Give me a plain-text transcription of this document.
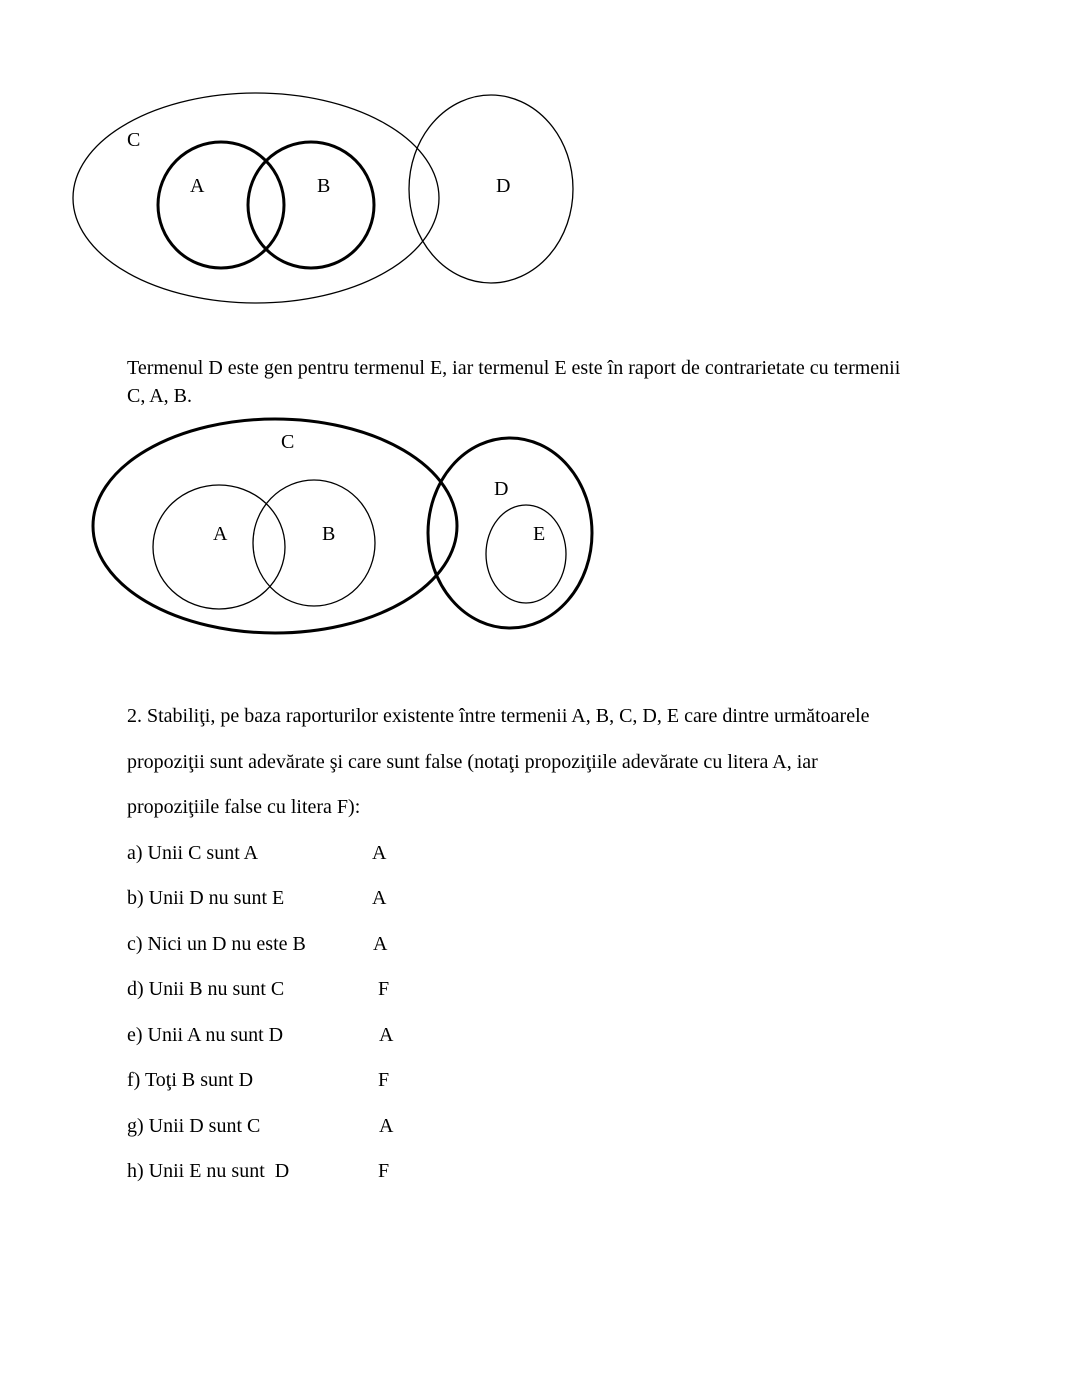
C
A	B	D

Termenul D este gen pentru termenul E, iar termenul E este în raport de contrarietate cu termenii
C, A, B.

C
A	B
D
E
2. Stabiliţi, pe baza raporturilor existente între termenii A, B, C, D, E care dintre următoarele
propoziţii sunt adevărate şi care sunt false (notaţi propoziţiile adevărate cu litera A, iar
propoziţiile false cu litera F):
a) Unii C sunt A	A
b) Unii D nu sunt E	A
c) Nici un D nu este B	A
d) Unii B nu sunt C	F
e) Unii A nu sunt D	A
f) Toţi B sunt D	F
g) Unii D sunt C	A
h) Unii E nu sunt  D	F
